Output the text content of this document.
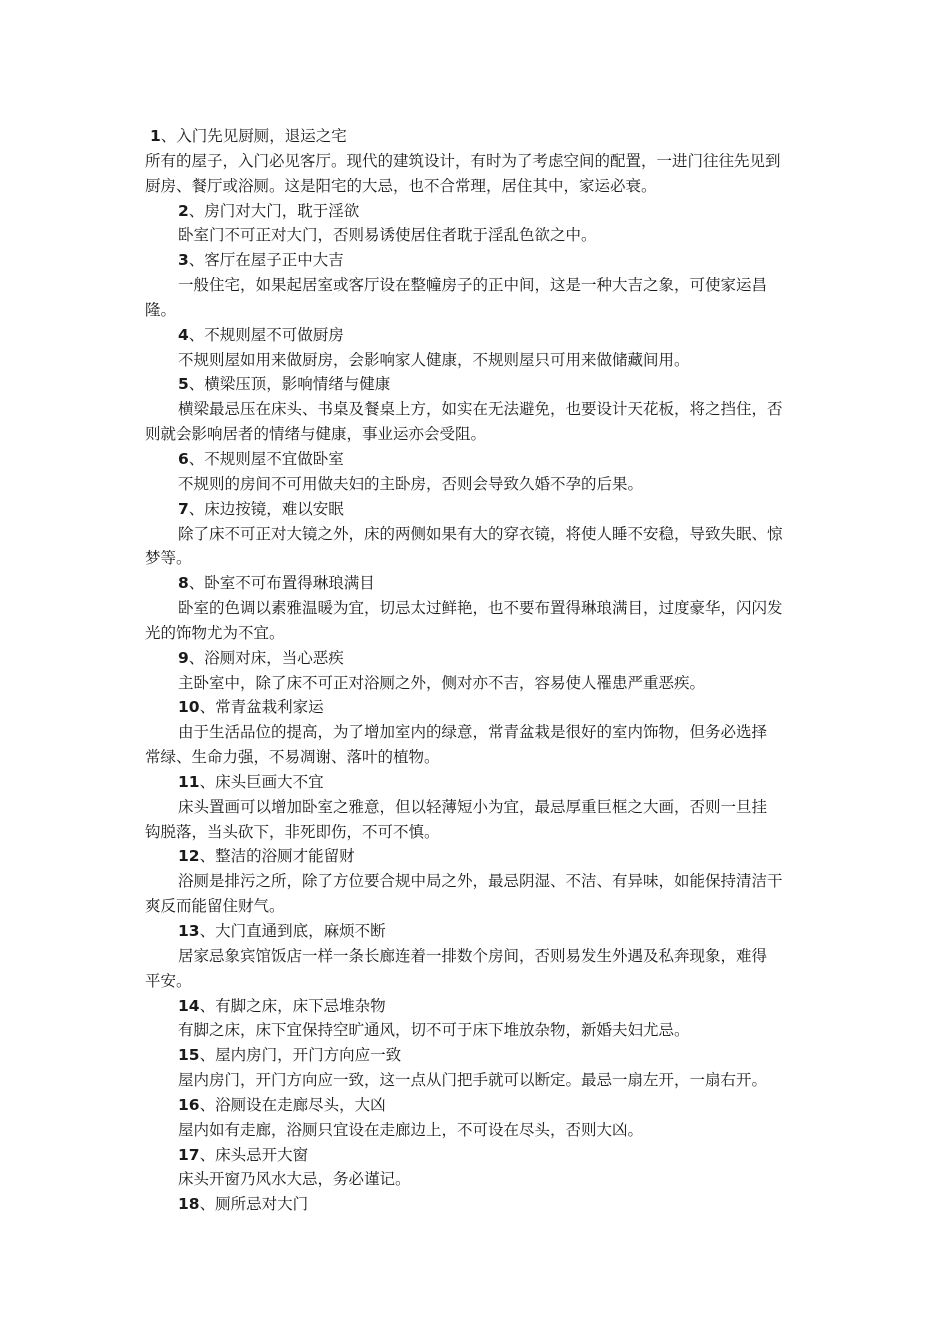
1、入门先见厨厕，退运之宅
所有的屋子，入门必见客厅。现代的建筑设计，有时为了考虑空间的配置，一进门往往先见到
厨房、餐厅或浴厕。这是阳宅的大忌，也不合常理，居住其中，家运必衰。
2、房门对大门，耽于淫欲
卧室门不可正对大门，否则易诱使居住者耽于淫乱色欲之中。
3、客厅在屋子正中大吉
一般住宅，如果起居室或客厅设在整幢房子的正中间，这是一种大吉之象，可使家运昌
隆。
4、不规则屋不可做厨房
不规则屋如用来做厨房，会影响家人健康，不规则屋只可用来做储藏间用。
5、横梁压顶，影响情绪与健康
横梁最忌压在床头、书桌及餐桌上方，如实在无法避免，也要设计天花板，将之挡住，否
则就会影响居者的情绪与健康，事业运亦会受阻。
6、不规则屋不宜做卧室
不规则的房间不可用做夫妇的主卧房，否则会导致久婚不孕的后果。
7、床边按镜，难以安眠
除了床不可正对大镜之外，床的两侧如果有大的穿衣镜，将使人睡不安稳，导致失眠、惊
梦等。
8、卧室不可布置得琳琅满目
卧室的色调以素雅温暖为宜，切忌太过鲜艳，也不要布置得琳琅满目，过度豪华，闪闪发
光的饰物尤为不宜。
9、浴厕对床，当心恶疾
主卧室中，除了床不可正对浴厕之外，侧对亦不吉，容易使人罹患严重恶疾。
10、常青盆栽利家运
由于生活品位的提高，为了增加室内的绿意，常青盆栽是很好的室内饰物，但务必选择
常绿、生命力强，不易凋谢、落叶的植物。
11、床头巨画大不宜
床头置画可以增加卧室之雅意，但以轻薄短小为宜，最忌厚重巨框之大画，否则一旦挂
钩脱落，当头砍下，非死即伤，不可不慎。
12、整洁的浴厕才能留财
浴厕是排污之所，除了方位要合规中局之外，最忌阴湿、不洁、有异味，如能保持清洁干
爽反而能留住财气。
13、大门直通到底，麻烦不断
居家忌象宾馆饭店一样一条长廊连着一排数个房间，否则易发生外遇及私奔现象，难得
平安。
14、有脚之床，床下忌堆杂物
有脚之床，床下宜保持空旷通风，切不可于床下堆放杂物，新婚夫妇尤忌。
15、屋内房门，开门方向应一致
屋内房门，开门方向应一致，这一点从门把手就可以断定。最忌一扇左开，一扇右开。
16、浴厕设在走廊尽头，大凶
屋内如有走廊，浴厕只宜设在走廊边上，不可设在尽头，否则大凶。
17、床头忌开大窗
床头开窗乃风水大忌，务必谨记。
18、厕所忌对大门
